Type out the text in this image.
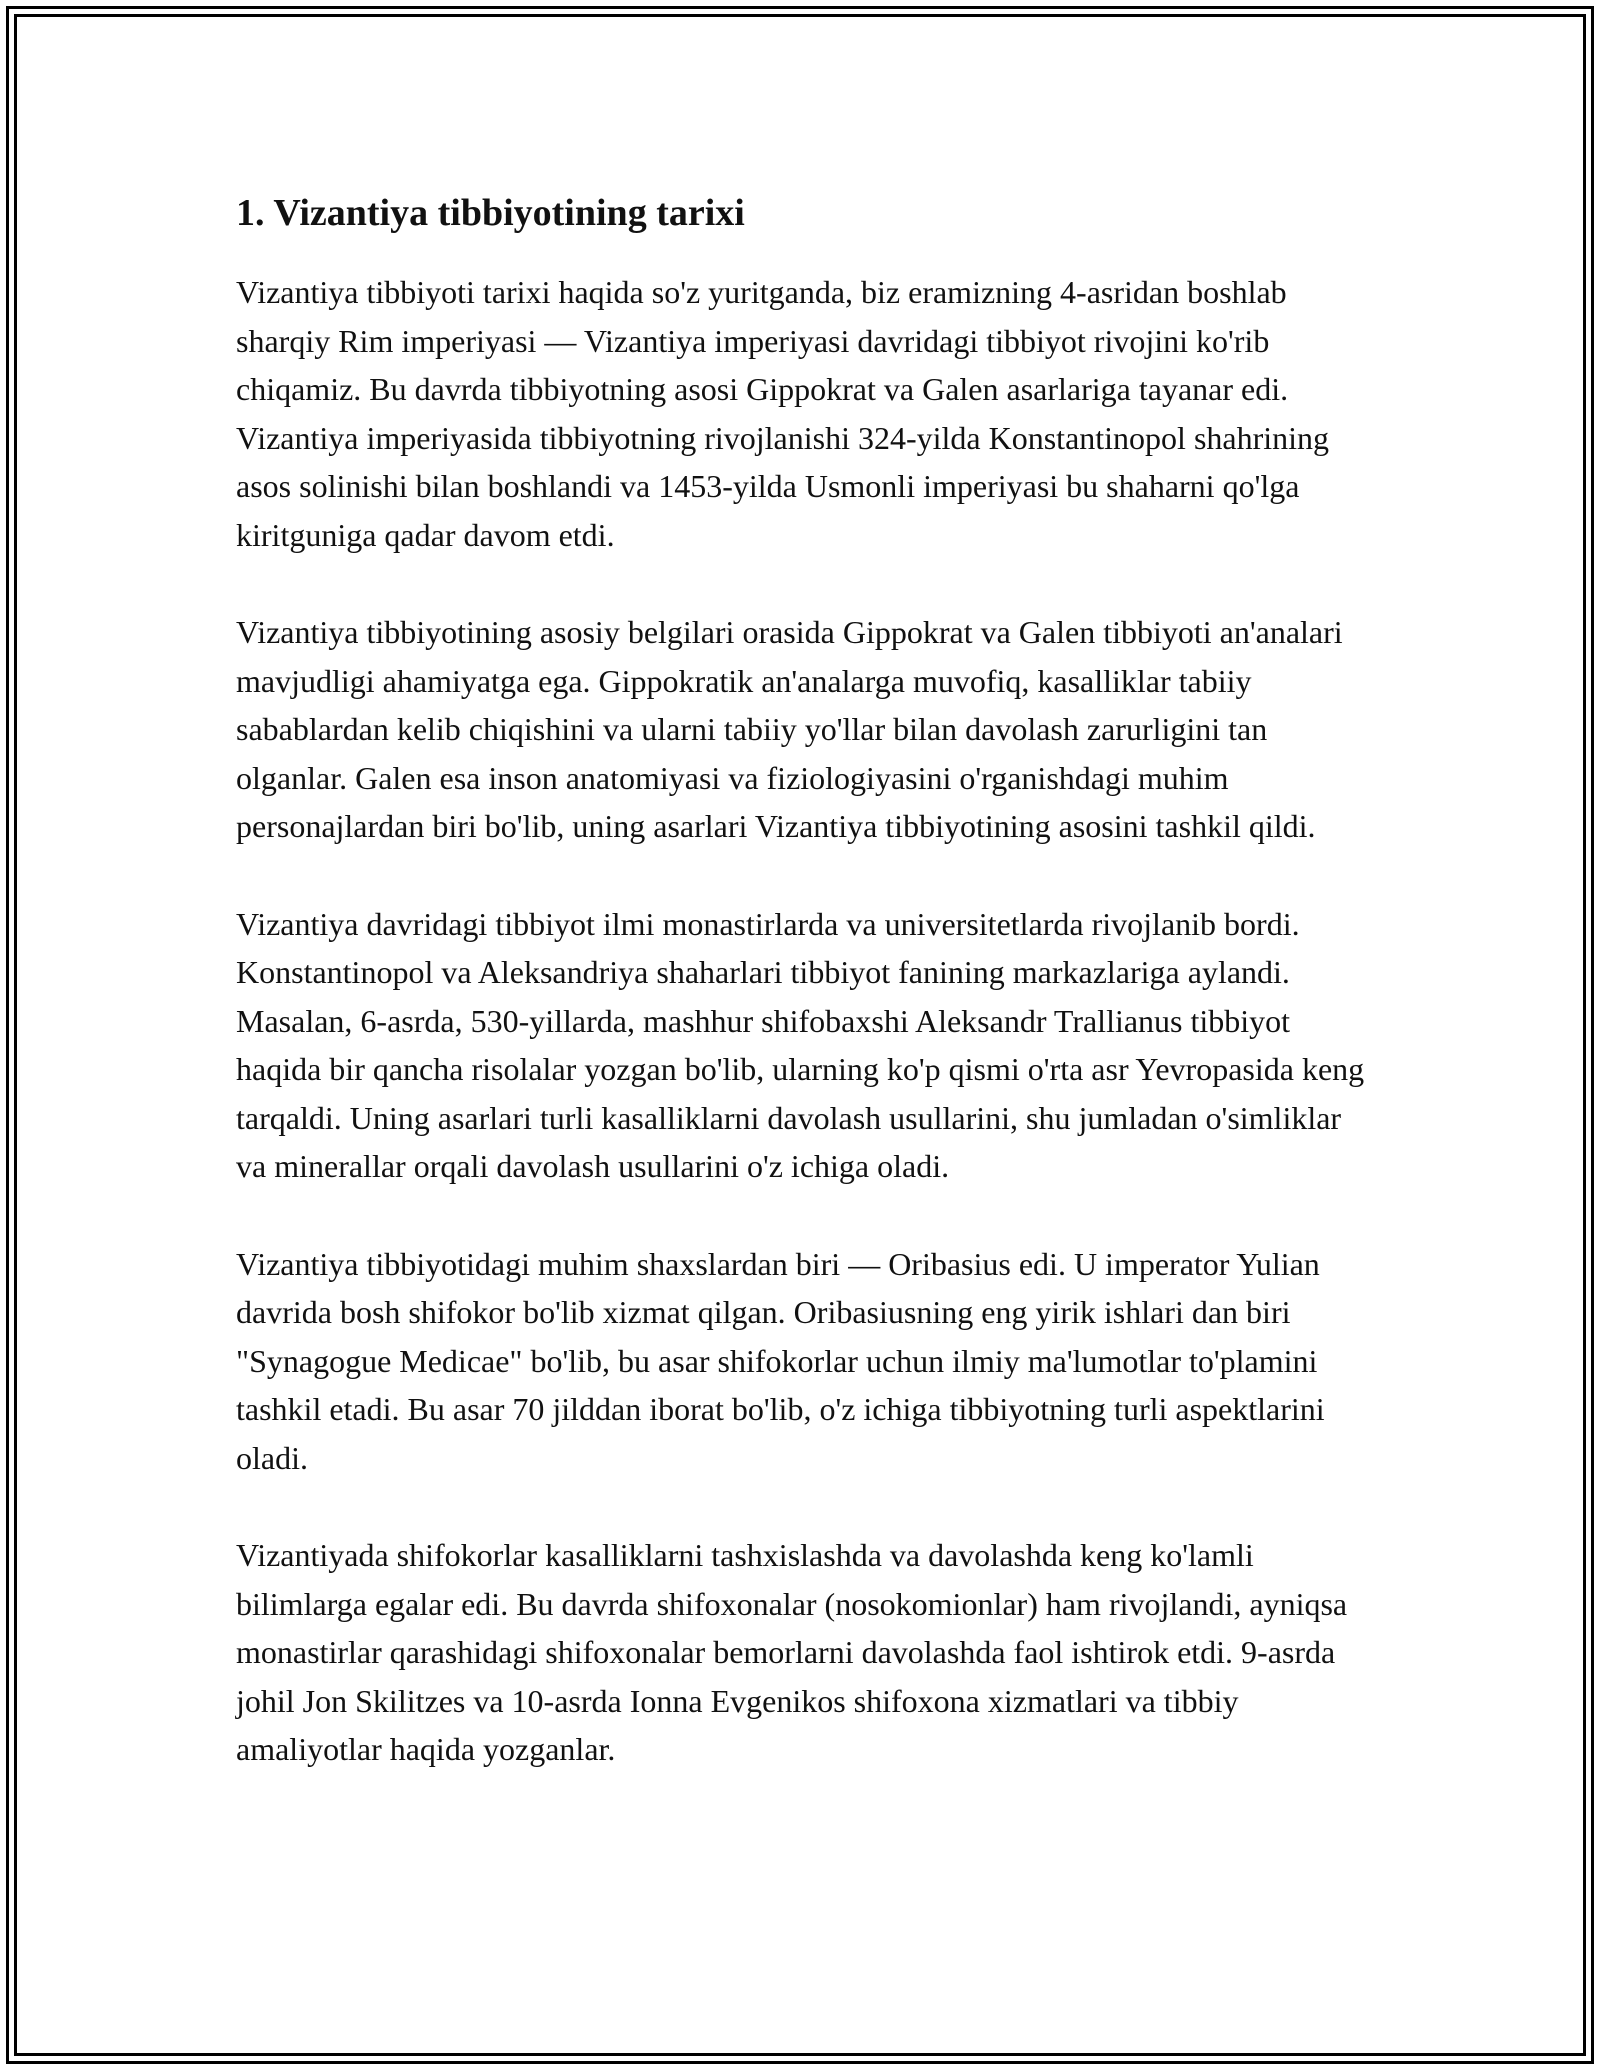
1. Vizantiya tibbiyotining tarixi

Vizantiya tibbiyoti tarixi haqida so'z yuritganda, biz eramizning 4-asridan boshlab sharqiy Rim imperiyasi — Vizantiya imperiyasi davridagi tibbiyot rivojini ko'rib chiqamiz. Bu davrda tibbiyotning asosi Gippokrat va Galen asarlariga tayanar edi. Vizantiya imperiyasida tibbiyotning rivojlanishi 324-yilda Konstantinopol shahrining asos solinishi bilan boshlandi va 1453-yilda Usmonli imperiyasi bu shaharni qo'lga kiritguniga qadar davom etdi.

Vizantiya tibbiyotining asosiy belgilari orasida Gippokrat va Galen tibbiyoti an'analari mavjudligi ahamiyatga ega. Gippokratik an'analarga muvofiq, kasalliklar tabiiy sabablardan kelib chiqishini va ularni tabiiy yo'llar bilan davolash zarurligini tan olganlar. Galen esa inson anatomiyasi va fiziologiyasini o'rganishdagi muhim personajlardan biri bo'lib, uning asarlari Vizantiya tibbiyotining asosini tashkil qildi.

Vizantiya davridagi tibbiyot ilmi monastirlarda va universitetlarda rivojlanib bordi. Konstantinopol va Aleksandriya shaharlari tibbiyot fanining markazlariga aylandi. Masalan, 6-asrda, 530-yillarda, mashhur shifobaxshi Aleksandr Trallianus tibbiyot haqida bir qancha risolalar yozgan bo'lib, ularning ko'p qismi o'rta asr Yevropasida keng tarqaldi. Uning asarlari turli kasalliklarni davolash usullarini, shu jumladan o'simliklar va minerallar orqali davolash usullarini o'z ichiga oladi.

Vizantiya tibbiyotidagi muhim shaxslardan biri — Oribasius edi. U imperator Yulian davrida bosh shifokor bo'lib xizmat qilgan. Oribasiusning eng yirik ishlari dan biri "Synagogue Medicae" bo'lib, bu asar shifokorlar uchun ilmiy ma'lumotlar to'plamini tashkil etadi. Bu asar 70 jilddan iborat bo'lib, o'z ichiga tibbiyotning turli aspektlarini oladi.

Vizantiyada shifokorlar kasalliklarni tashxislashda va davolashda keng ko'lamli bilimlarga egalar edi. Bu davrda shifoxonalar (nosokomionlar) ham rivojlandi, ayniqsa monastirlar qarashidagi shifoxonalar bemorlarni davolashda faol ishtirok etdi. 9-asrda johil Jon Skilitzes va 10-asrda Ionna Evgenikos shifoxona xizmatlari va tibbiy amaliyotlar haqida yozganlar.
